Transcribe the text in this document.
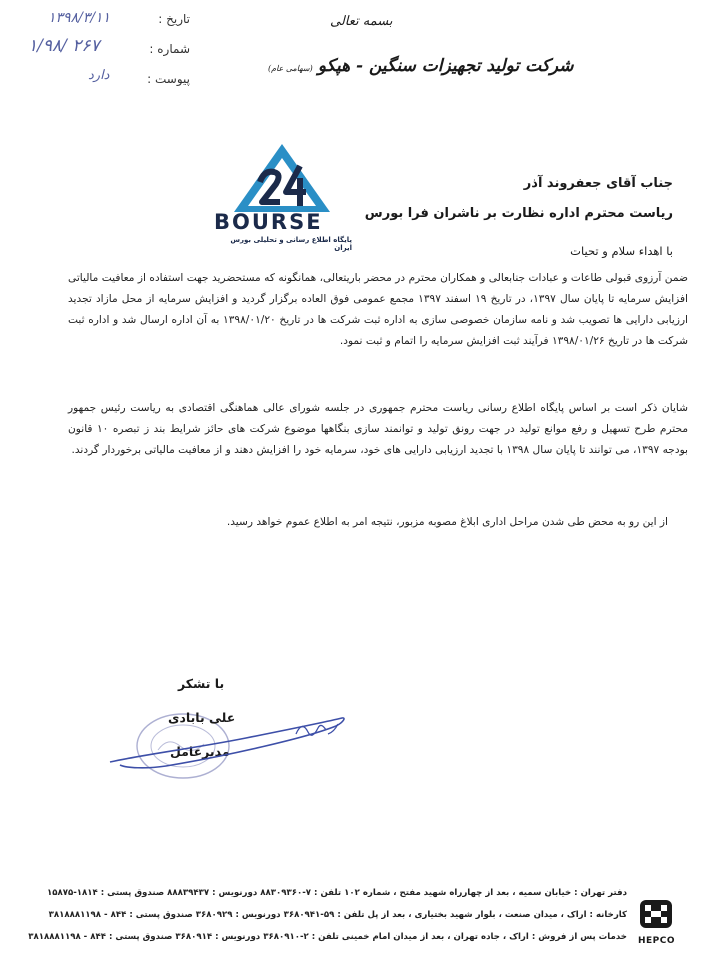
۱۳۹۸/۳/۱۱	تاریخ :
۱/۹۸/ ۲۶۷	شماره :
دارد	پیوست :
بسمه تعالی
شرکت تولید تجهیزات سنگین - هپکو (سهامی عام)
BOURSE
پایگاه اطلاع رسانی و تحلیلی بورس ایران
جناب آقای جعفروند آذر
ریاست محترم اداره نظارت بر ناشران فرا بورس
با اهداء سلام و تحیات
ضمن آرزوی قبولی طاعات و عبادات جنابعالی و همکاران محترم در محضر باریتعالی، همانگونه که مستحضرید جهت استفاده از معافیت مالیاتی افزایش سرمایه تا پایان سال ۱۳۹۷، در تاریخ ۱۹ اسفند ۱۳۹۷ مجمع عمومی فوق العاده برگزار گردید و افزایش سرمایه از محل مازاد تجدید ارزیابی دارایی ها تصویب شد و نامه سازمان خصوصی سازی به اداره ثبت شرکت ها در تاریخ ۱۳۹۸/۰۱/۲۰ به آن اداره ارسال شد و اداره ثبت شرکت ها در تاریخ ۱۳۹۸/۰۱/۲۶ فرآیند ثبت افزایش سرمایه را اتمام و ثبت نمود.
شایان ذکر است بر اساس پایگاه اطلاع رسانی ریاست محترم جمهوری در جلسه شورای عالی هماهنگی اقتصادی به ریاست رئیس جمهور محترم طرح تسهیل و رفع موانع تولید در جهت رونق تولید و توانمند سازی بنگاهها موضوع شرکت های حائز شرایط بند ز تبصره ۱۰ قانون بودجه ۱۳۹۷، می توانند تا پایان سال ۱۳۹۸ با تجدید ارزیابی دارایی های خود، سرمایه خود را افزایش دهند و از معافیت مالیاتی برخوردار گردند.
از این رو به محض طی شدن مراحل اداری ابلاغ مصوبه مزبور، نتیجه امر به اطلاع عموم خواهد رسید.
با تشکر
علی بابادی
مدیرعامل
دفتر تهران : خیابان سمیه ، بعد از چهارراه شهید مفتح ، شماره ۱۰۲ تلفن : ۷-۸۸۳۰۹۳۶۰ دورنویس : ۸۸۸۳۹۴۳۷ صندوق پستی : ۱۸۱۴-۱۵۸۷۵
کارخانه : اراک ، میدان صنعت ، بلوار شهید بختیاری ، بعد از پل تلفن : ۵۹-۳۶۸۰۹۴۱ دورنویس : ۳۶۸۰۹۲۹ صندوق پستی : ۸۴۴ - ۳۸۱۸۸۸۱۱۹۸
خدمات پس از فروش : اراک ، جاده تهران ، بعد از میدان امام خمینی تلفن : ۲-۳۶۸۰۹۱۰ دورنویس : ۳۶۸۰۹۱۴ صندوق پستی : ۸۴۴ - ۳۸۱۸۸۸۱۱۹۸ HEPCO
